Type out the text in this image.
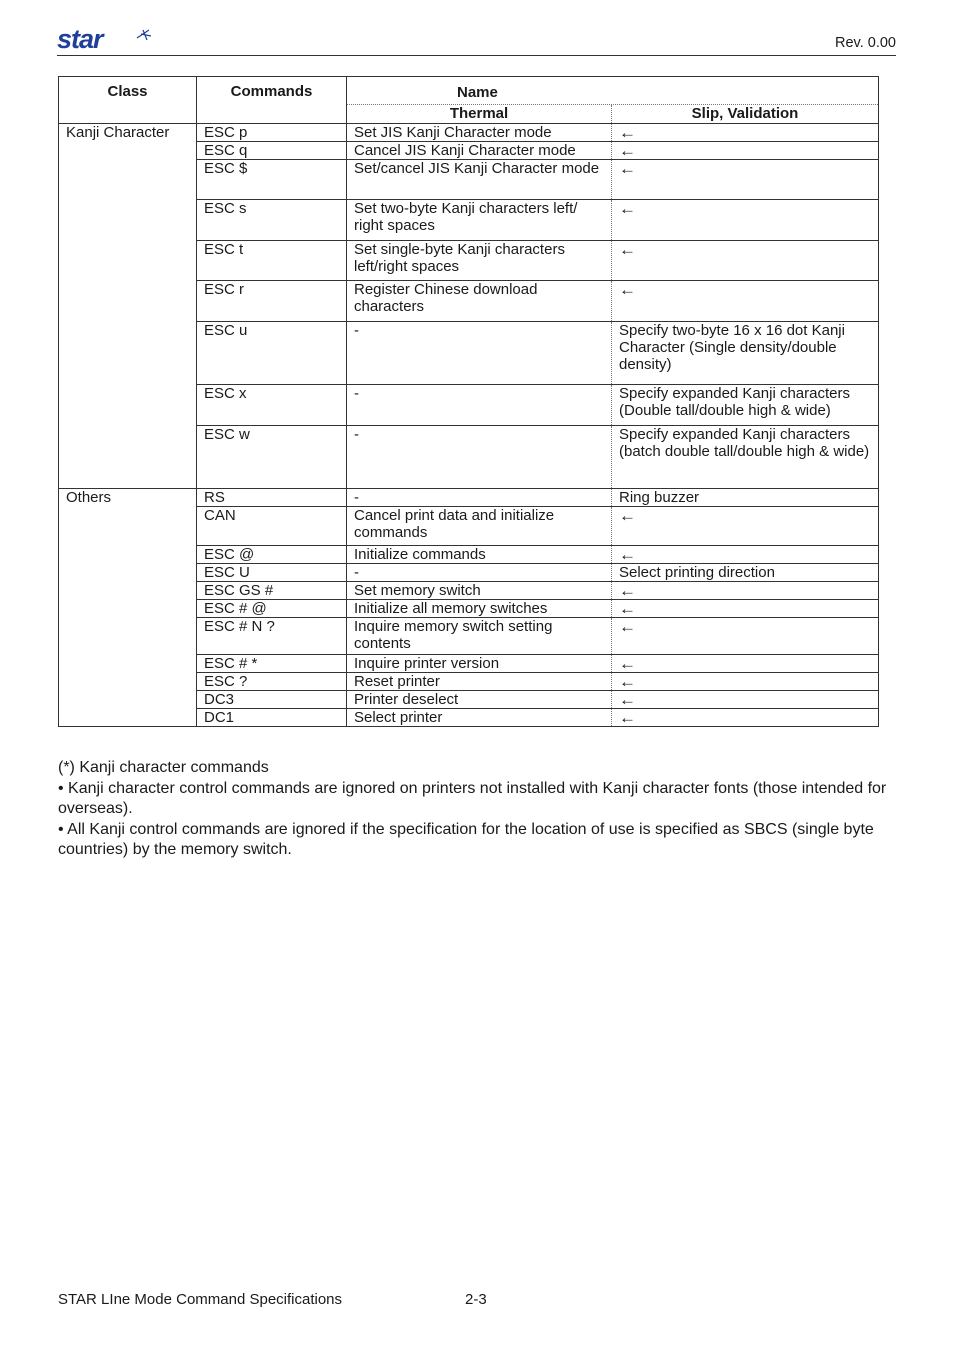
star	Rev. 0.00
Class	Commands	Name	
		Thermal	Slip, Validation
Kanji Character	ESC p	Set JIS Kanji Character mode	←
	ESC q	Cancel JIS Kanji Character mode	←
	ESC $	Set/cancel JIS Kanji Character mode	←
	ESC s	Set two-byte Kanji characters left/ right spaces	←
	ESC t	Set single-byte Kanji characters left/right spaces	←
	ESC r	Register Chinese download characters	←
	ESC u	-	Specify two-byte 16 x 16 dot Kanji Character (Single density/double density)
	ESC x	-	Specify expanded Kanji characters (Double tall/double high & wide)
	ESC w	-	Specify expanded Kanji characters (batch double tall/double high & wide)
Others	RS	-	Ring buzzer
	CAN	Cancel print data and initialize commands	←
	ESC @	Initialize commands	←
	ESC U	-	Select printing direction
	ESC GS #	Set memory switch	←
	ESC # @	Initialize all memory switches	←
	ESC # N ?	Inquire memory switch setting contents	←
	ESC # *	Inquire printer version	←
	ESC ?	Reset printer	←
	DC3	Printer deselect	←
	DC1	Select printer	←

(*) Kanji character commands

• Kanji character control commands are ignored on printers not installed with Kanji character fonts (those intended for overseas).

• All Kanji control commands are ignored if the specification for the location of use is specified as SBCS (single byte countries) by the memory switch.

STAR LIne Mode Command Specifications	2-3
